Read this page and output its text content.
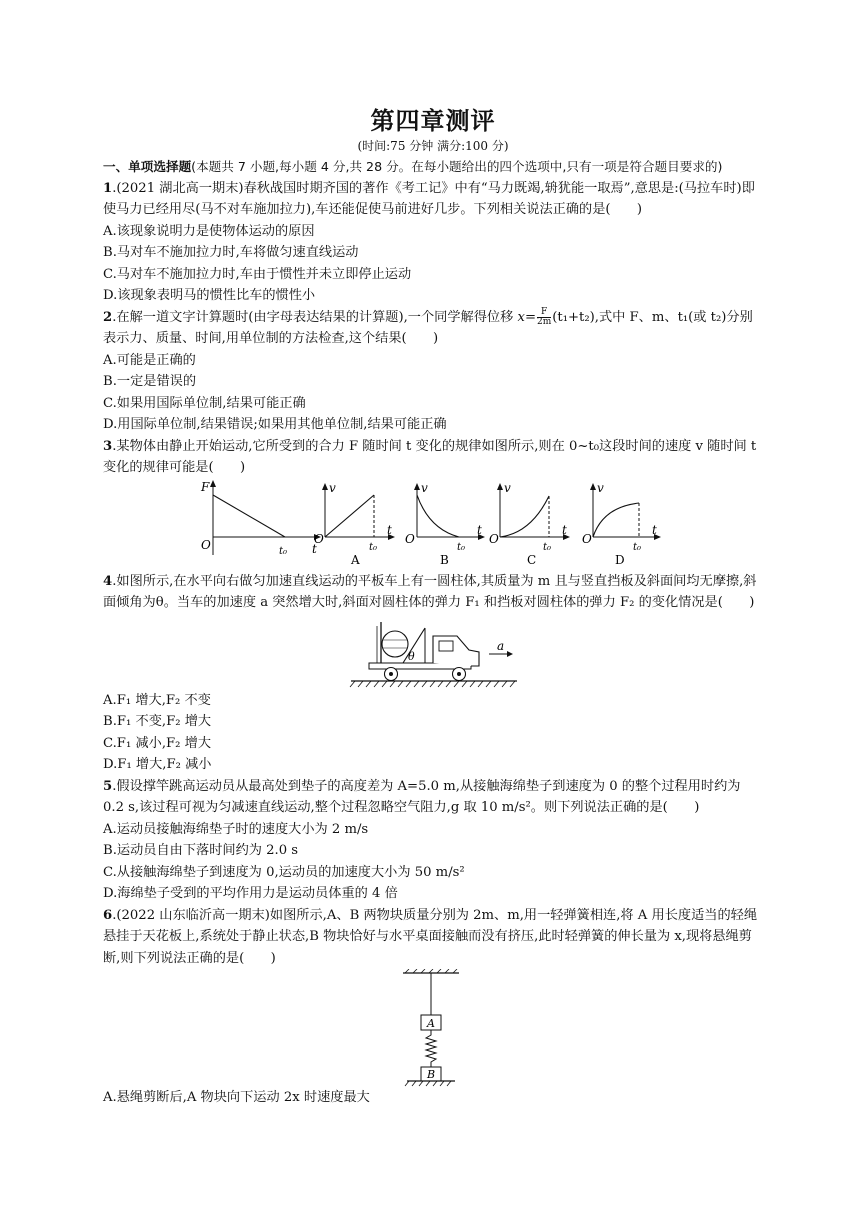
第四章测评

(时间:75 分钟 满分:100 分)

一、单项选择题(本题共 7 小题,每小题 4 分,共 28 分。在每小题给出的四个选项中,只有一项是符合题目要求的)

1.(2021 湖北高一期末)春秋战国时期齐国的著作《考工记》中有“马力既竭,辀犹能一取焉”,意思是:(马拉车时)即使马力已经用尽(马不对车施加拉力),车还能促使马前进好几步。下列相关说法正确的是(　　)

A.该现象说明力是使物体运动的原因

B.马对车不施加拉力时,车将做匀速直线运动

C.马对车不施加拉力时,车由于惯性并未立即停止运动

D.该现象表明马的惯性比车的惯性小

2.在解一道文字计算题时(由字母表达结果的计算题),一个同学解得位移 $x= \frac{F}{2m} (t_1+t_2)$,式中 F、m、t₁(或 t₂)分别表示力、质量、时间,用单位制的方法检查,这个结果(　　)

A.可能是正确的

B.一定是错误的

C.如果用国际单位制,结果可能正确

D.用国际单位制,结果错误;如果用其他单位制,结果可能正确

3.某物体由静止开始运动,它所受到的合力 F 随时间 t 变化的规律如图所示,则在 0~t₀这段时间的速度 v 随时间 t 变化的规律可能是(　　)

F
O	t
t₀
v
O
t
t₀
A
v
O
t
t₀
B
v
O
t
t₀
C
v
O
t
t₀
D

4.如图所示,在水平向右做匀加速直线运动的平板车上有一圆柱体,其质量为 m 且与竖直挡板及斜面间均无摩擦,斜面倾角为θ。当车的加速度 a 突然增大时,斜面对圆柱体的弹力 F₁ 和挡板对圆柱体的弹力 F₂ 的变化情况是(　　)

θ
a

A.F₁ 增大,F₂ 不变

B.F₁ 不变,F₂ 增大

C.F₁ 减小,F₂ 增大

D.F₁ 增大,F₂ 减小

5.假设撑竿跳高运动员从最高处到垫子的高度差为 A=5.0 m,从接触海绵垫子到速度为 0 的整个过程用时约为 0.2 s,该过程可视为匀减速直线运动,整个过程忽略空气阻力,g 取 10 m/s²。则下列说法正确的是(　　)

A.运动员接触海绵垫子时的速度大小为 2 m/s

B.运动员自由下落时间约为 2.0 s

C.从接触海绵垫子到速度为 0,运动员的加速度大小为 50 m/s²

D.海绵垫子受到的平均作用力是运动员体重的 4 倍

6.(2022 山东临沂高一期末)如图所示,A、B 两物块质量分别为 2m、m,用一轻弹簧相连,将 A 用长度适当的轻绳悬挂于天花板上,系统处于静止状态,B 物块恰好与水平桌面接触而没有挤压,此时轻弹簧的伸长量为 x,现将悬绳剪断,则下列说法正确的是(　　)

A
B

A.悬绳剪断后,A 物块向下运动 2x 时速度最大
